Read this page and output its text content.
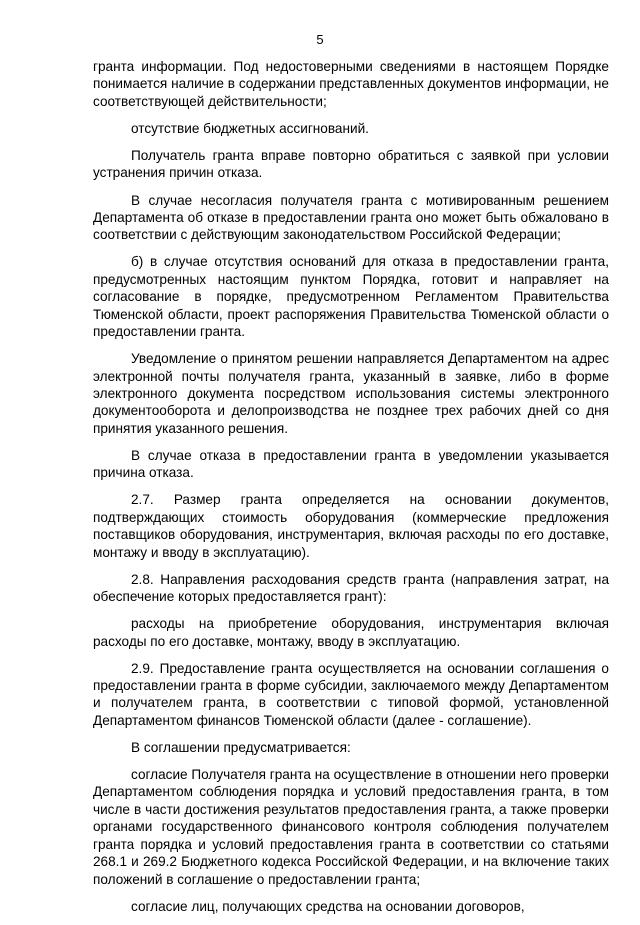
5

гранта информации. Под недостоверными сведениями в настоящем Порядке понимается наличие в содержании представленных документов информации, не соответствующей действительности;

отсутствие бюджетных ассигнований.

Получатель гранта вправе повторно обратиться с заявкой при условии устранения причин отказа.

В случае несогласия получателя гранта с мотивированным решением Департамента об отказе в предоставлении гранта оно может быть обжаловано в соответствии с действующим законодательством Российской Федерации;

б) в случае отсутствия оснований для отказа в предоставлении гранта, предусмотренных настоящим пунктом Порядка, готовит и направляет на согласование в порядке, предусмотренном Регламентом Правительства Тюменской области, проект распоряжения Правительства Тюменской области о предоставлении гранта.

Уведомление о принятом решении направляется Департаментом на адрес электронной почты получателя гранта, указанный в заявке, либо в форме электронного документа посредством использования системы электронного документооборота и делопроизводства не позднее трех рабочих дней со дня принятия указанного решения.

В случае отказа в предоставлении гранта в уведомлении указывается причина отказа.

2.7. Размер гранта определяется на основании документов, подтверждающих стоимость оборудования (коммерческие предложения поставщиков оборудования, инструментария, включая расходы по его доставке, монтажу и вводу в эксплуатацию).

2.8. Направления расходования средств гранта (направления затрат, на обеспечение которых предоставляется грант):

расходы на приобретение оборудования, инструментария включая расходы по его доставке, монтажу, вводу в эксплуатацию.

2.9. Предоставление гранта осуществляется на основании соглашения о предоставлении гранта в форме субсидии, заключаемого между Департаментом и получателем гранта, в соответствии с типовой формой, установленной Департаментом финансов Тюменской области (далее - соглашение).

В соглашении предусматривается:

согласие Получателя гранта на осуществление в отношении него проверки Департаментом соблюдения порядка и условий предоставления гранта, в том числе в части достижения результатов предоставления гранта, а также проверки органами государственного финансового контроля соблюдения получателем гранта порядка и условий предоставления гранта в соответствии со статьями 268.1 и 269.2 Бюджетного кодекса Российской Федерации, и на включение таких положений в соглашение о предоставлении гранта;

согласие лиц, получающих средства на основании договоров,
